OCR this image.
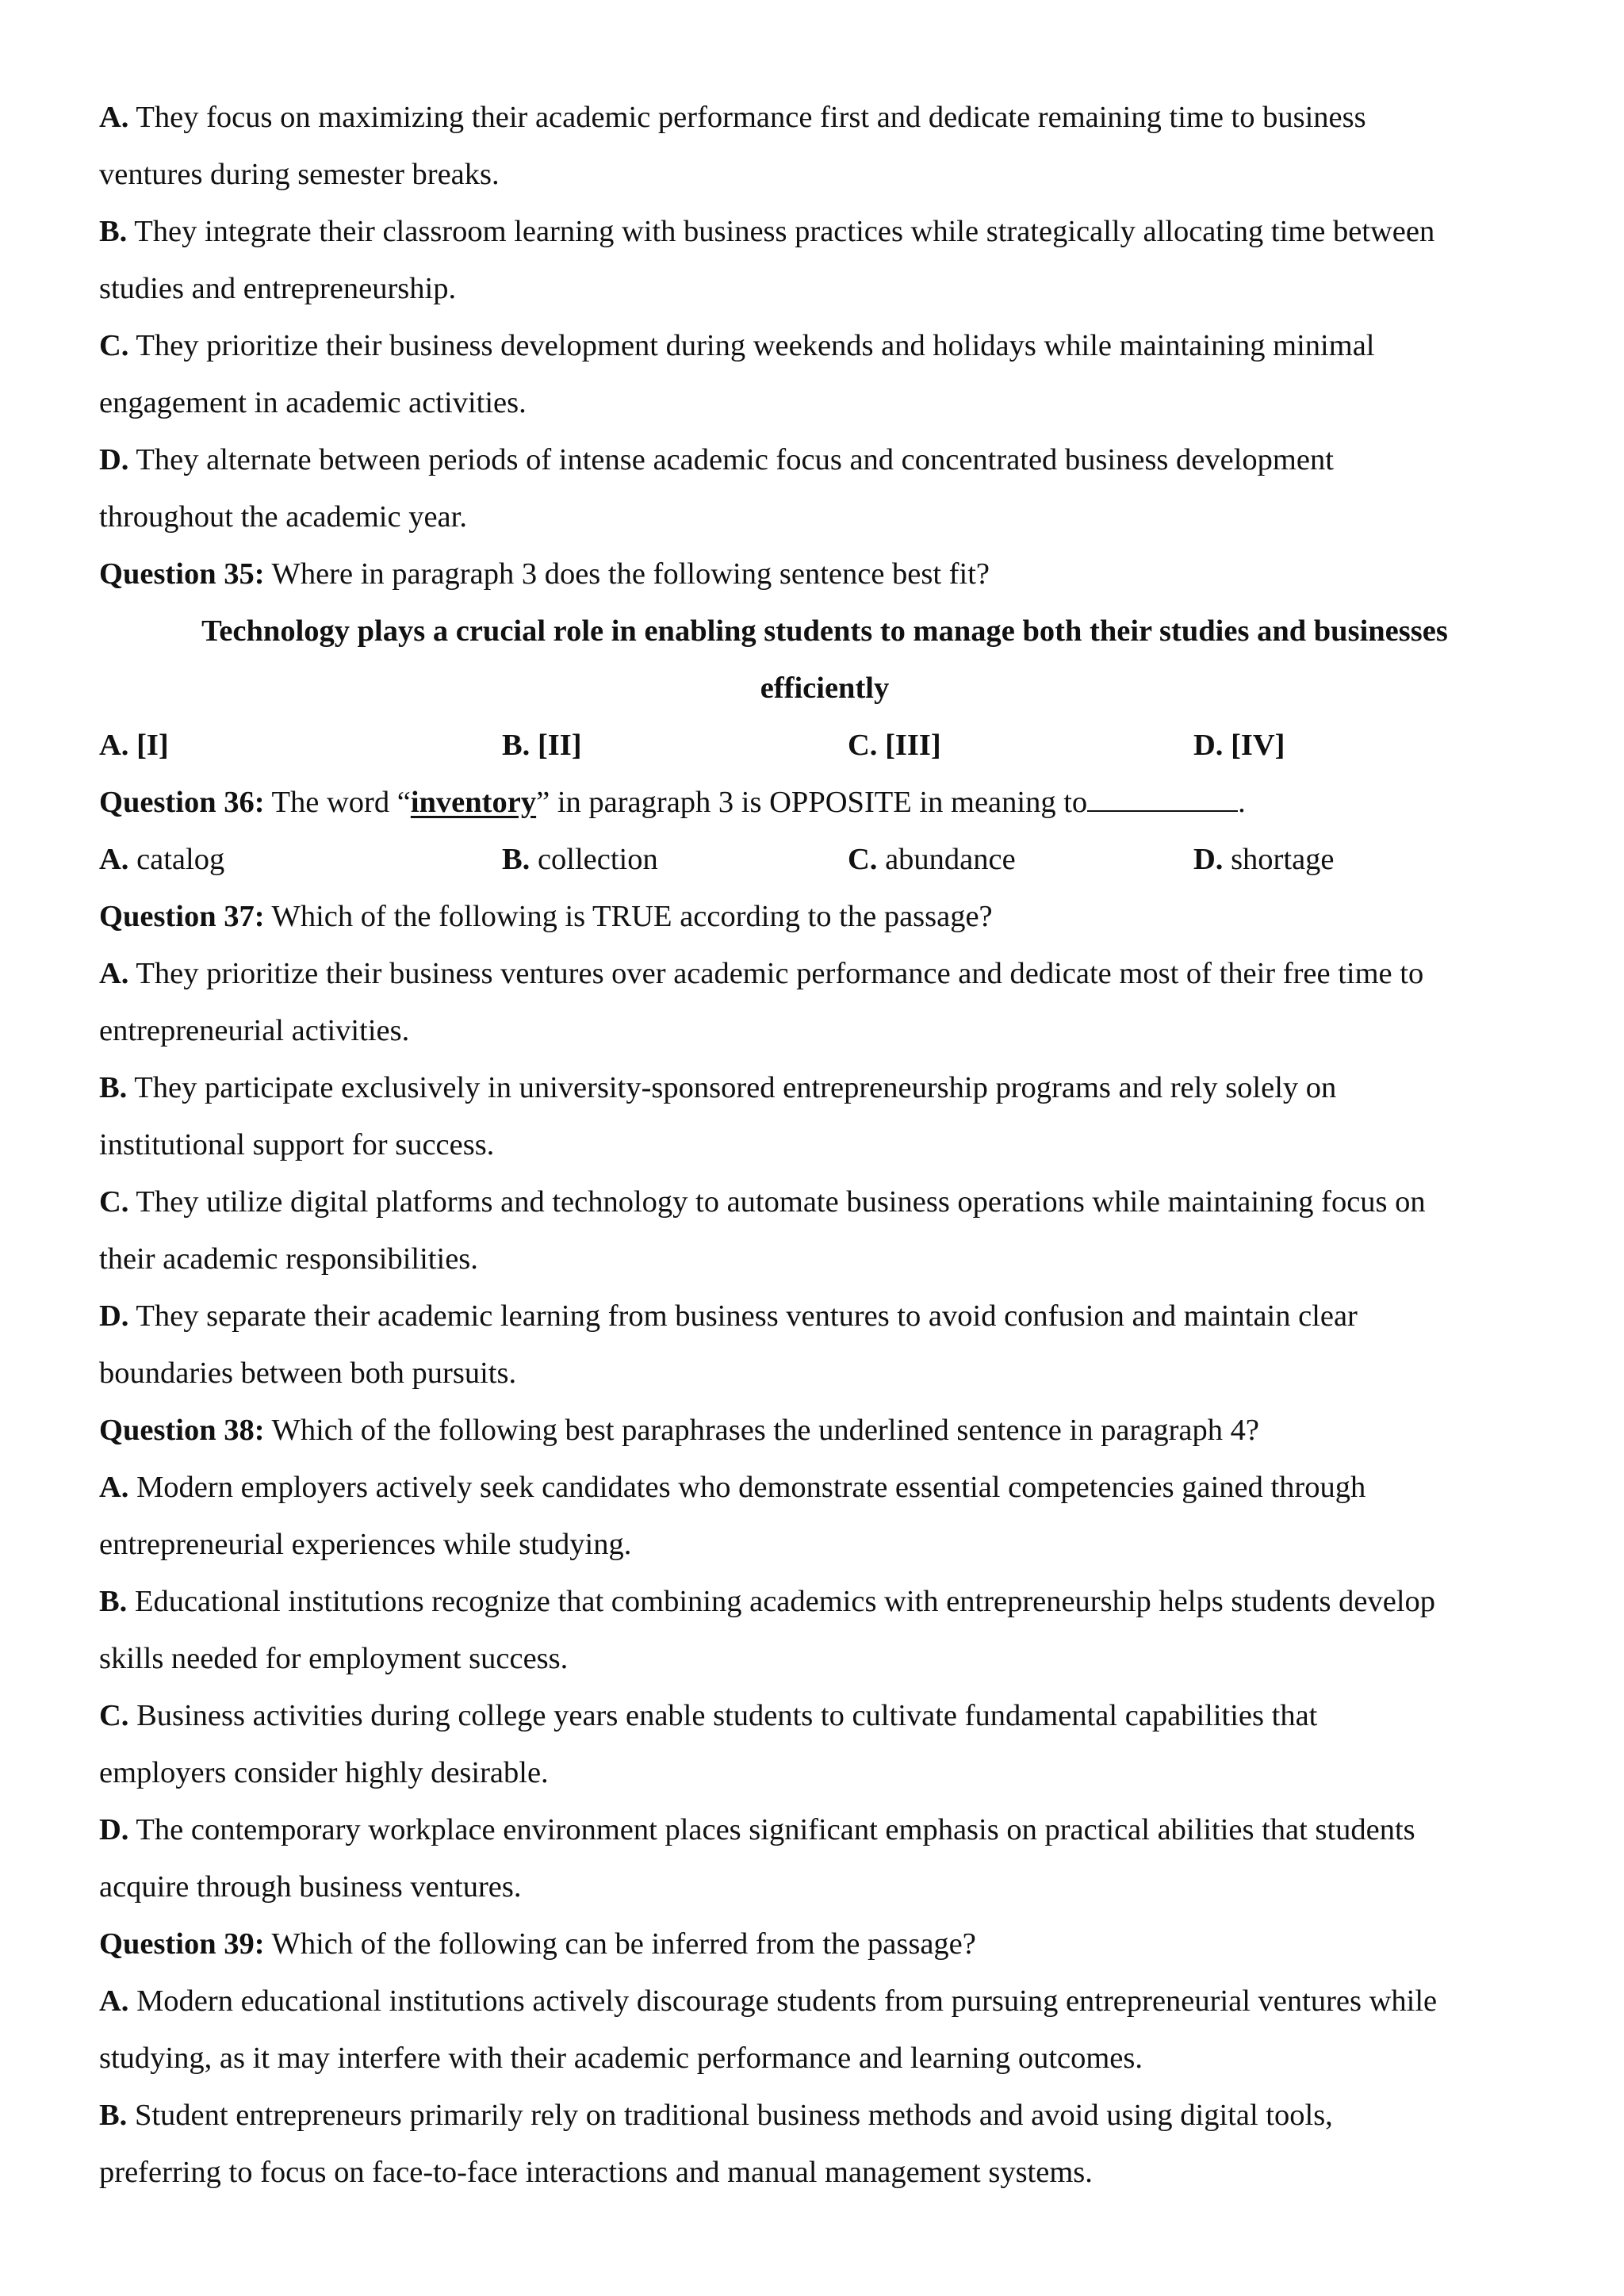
A. They focus on maximizing their academic performance first and dedicate remaining time to business
ventures during semester breaks.
B. They integrate their classroom learning with business practices while strategically allocating time between
studies and entrepreneurship.
C. They prioritize their business development during weekends and holidays while maintaining minimal
engagement in academic activities.
D. They alternate between periods of intense academic focus and concentrated business development
throughout the academic year.
Question 35: Where in paragraph 3 does the following sentence best fit?
Technology plays a crucial role in enabling students to manage both their studies and businesses
efficiently
A. [I]	B. [II]	C. [III]	D. [IV]
Question 36: The word “inventory” in paragraph 3 is OPPOSITE in meaning to	.
A. catalog	B. collection	C. abundance	D. shortage
Question 37: Which of the following is TRUE according to the passage?
A. They prioritize their business ventures over academic performance and dedicate most of their free time to
entrepreneurial activities.
B. They participate exclusively in university-sponsored entrepreneurship programs and rely solely on
institutional support for success.
C. They utilize digital platforms and technology to automate business operations while maintaining focus on
their academic responsibilities.
D. They separate their academic learning from business ventures to avoid confusion and maintain clear
boundaries between both pursuits.
Question 38: Which of the following best paraphrases the underlined sentence in paragraph 4?
A. Modern employers actively seek candidates who demonstrate essential competencies gained through
entrepreneurial experiences while studying.
B. Educational institutions recognize that combining academics with entrepreneurship helps students develop
skills needed for employment success.
C. Business activities during college years enable students to cultivate fundamental capabilities that
employers consider highly desirable.
D. The contemporary workplace environment places significant emphasis on practical abilities that students
acquire through business ventures.
Question 39: Which of the following can be inferred from the passage?
A. Modern educational institutions actively discourage students from pursuing entrepreneurial ventures while
studying, as it may interfere with their academic performance and learning outcomes.
B. Student entrepreneurs primarily rely on traditional business methods and avoid using digital tools,
preferring to focus on face-to-face interactions and manual management systems.
